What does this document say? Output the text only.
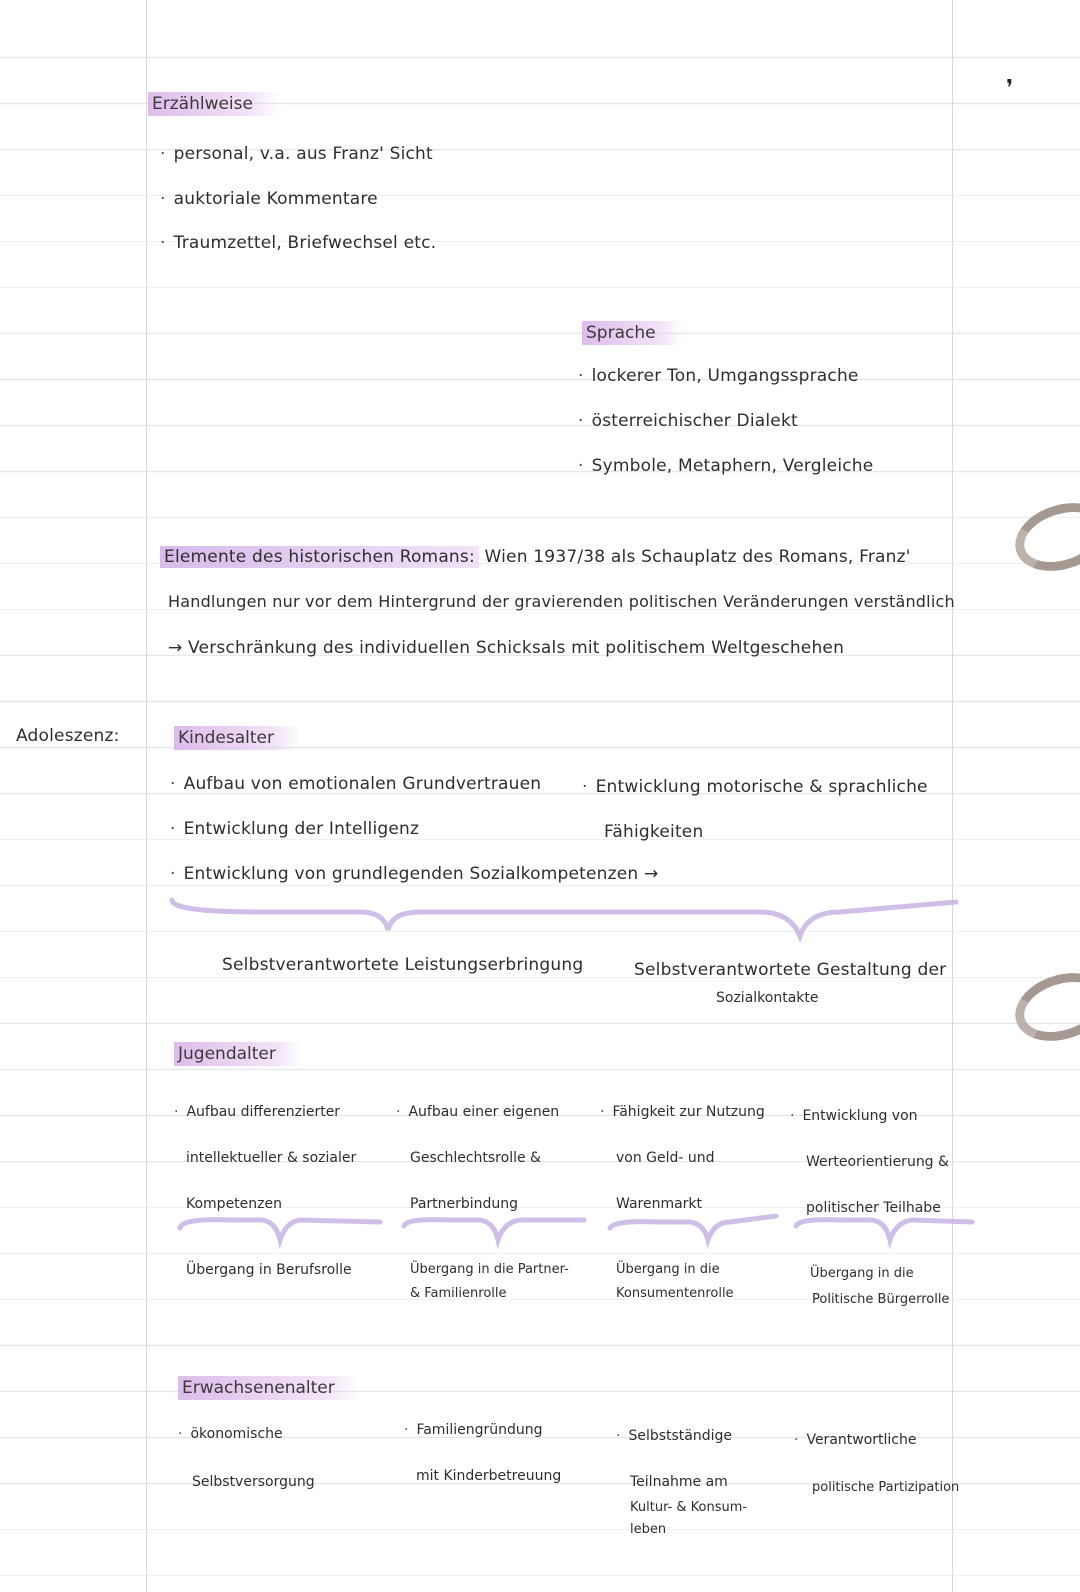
Erzählweise
· personal, v.a. aus Franz' Sicht
· auktoriale Kommentare
· Traumzettel, Briefwechsel etc.
Sprache
· lockerer Ton, Umgangssprache
· österreichischer Dialekt
· Symbole, Metaphern, Vergleiche
Elemente des historischen Romans: Wien 1937/38 als Schauplatz des Romans, Franz'
Handlungen nur vor dem Hintergrund der gravierenden politischen Veränderungen verständlich
→ Verschränkung des individuellen Schicksals mit politischem Weltgeschehen
Adoleszenz:	Kindesalter
· Aufbau von emotionalen Grundvertrauen
· Entwicklung der Intelligenz
· Entwicklung von grundlegenden Sozialkompetenzen →
· Entwicklung motorische & sprachliche
Fähigkeiten
Selbstverantwortete Leistungserbringung	Selbstverantwortete Gestaltung der
Sozialkontakte
Jugendalter
· Aufbau differenzierter
intellektueller & sozialer
Kompetenzen
Übergang in Berufsrolle
· Aufbau einer eigenen
Geschlechtsrolle &
Partnerbindung
Übergang in die Partner-
& Familienrolle
· Fähigkeit zur Nutzung
von Geld- und
Warenmarkt
Übergang in die
Konsumentenrolle
· Entwicklung von
Werteorientierung &
politischer Teilhabe
Übergang in die
Politische Bürgerrolle
Erwachsenenalter
· ökonomische
Selbstversorgung
· Familiengründung
mit Kinderbetreuung
· Selbstständige
Teilnahme am
Kultur- & Konsum-
leben
· Verantwortliche
politische Partizipation
❜
